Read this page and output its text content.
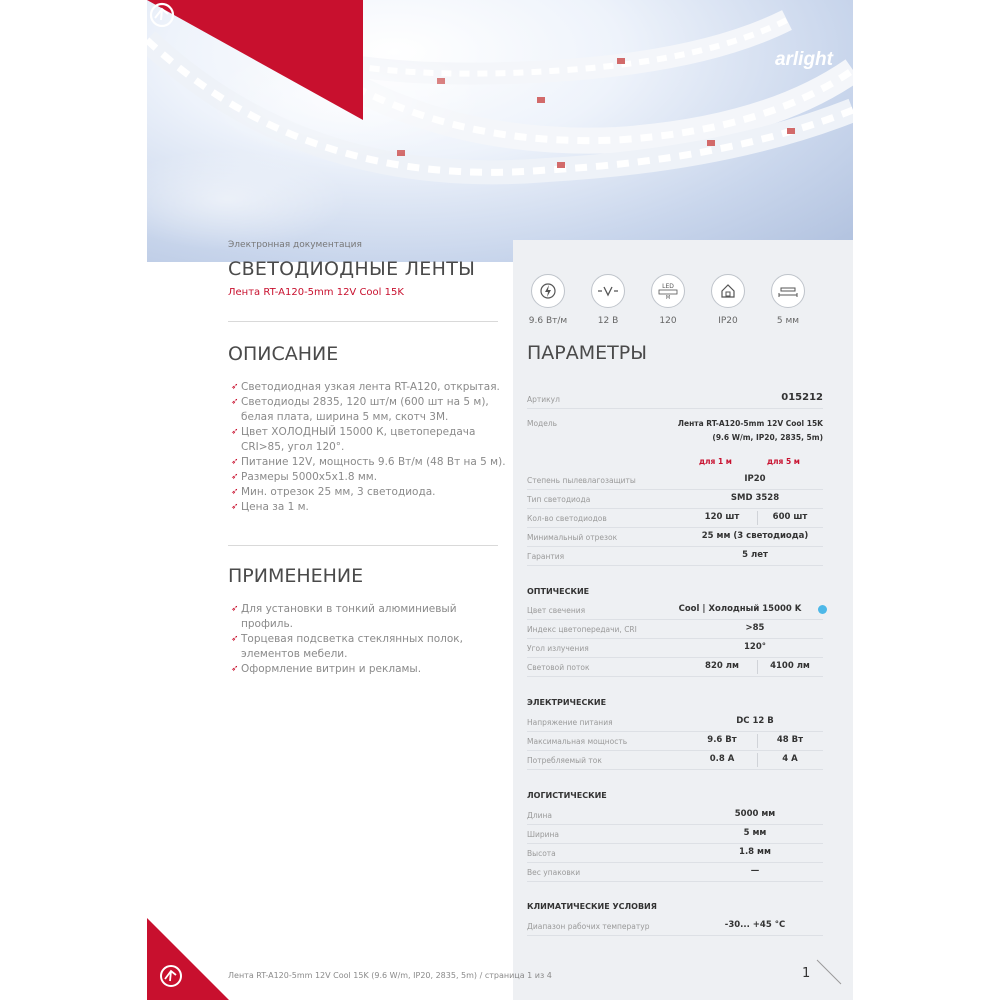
arlight
Электронная документация
СВЕТОДИОДНЫЕ ЛЕНТЫ
Лента RT-A120-5mm 12V Cool 15K
9.6 Вт/м	12 В
LED
M
120	IP20	5 мм
ОПИСАНИЕ
➶ Светодиодная узкая лента RT-A120, открытая.
➶ Светодиоды 2835, 120 шт/м (600 шт на 5 м), белая плата, ширина 5 мм, скотч 3М.
➶ Цвет ХОЛОДНЫЙ 15000 К, цветопередача CRI>85, угол 120°.
➶ Питание 12V, мощность 9.6 Вт/м (48 Вт на 5 м).
➶ Размеры 5000x5x1.8 мм.
➶ Мин. отрезок 25 мм, 3 светодиода.
➶ Цена за 1 м.
ПРИМЕНЕНИЕ
➶ Для установки в тонкий алюминиевый профиль.
➶ Торцевая подсветка стеклянных полок, элементов мебели.
➶ Оформление витрин и рекламы.
ПАРАМЕТРЫ
Артикул	015212
Модель	Лента RT-A120-5mm 12V Cool 15K
(9.6 W/m, IP20, 2835, 5m)
для 1 м	для 5 м
Степень пылевлагозащиты	IP20
Тип светодиода	SMD 3528
Кол-во светодиодов	120 шт	600 шт
Минимальный отрезок	25 мм (3 светодиода)
Гарантия	5 лет
ОПТИЧЕСКИЕ
Цвет свечения	Cool | Холодный 15000 K
Индекс цветопередачи, CRI	>85
Угол излучения	120°
Световой поток	820 лм	4100 лм
ЭЛЕКТРИЧЕСКИЕ
Напряжение питания	DC 12 В
Максимальная мощность	9.6 Вт	48 Вт
Потребляемый ток	0.8 А	4 А
ЛОГИСТИЧЕСКИЕ
Длина	5000 мм
Ширина	5 мм
Высота	1.8 мм
Вес упаковки	—
КЛИМАТИЧЕСКИЕ УСЛОВИЯ
Диапазон рабочих температур	-30... +45 °C
Лента RT-A120-5mm 12V Cool 15K (9.6 W/m, IP20, 2835, 5m) / страница 1 из 4	1
